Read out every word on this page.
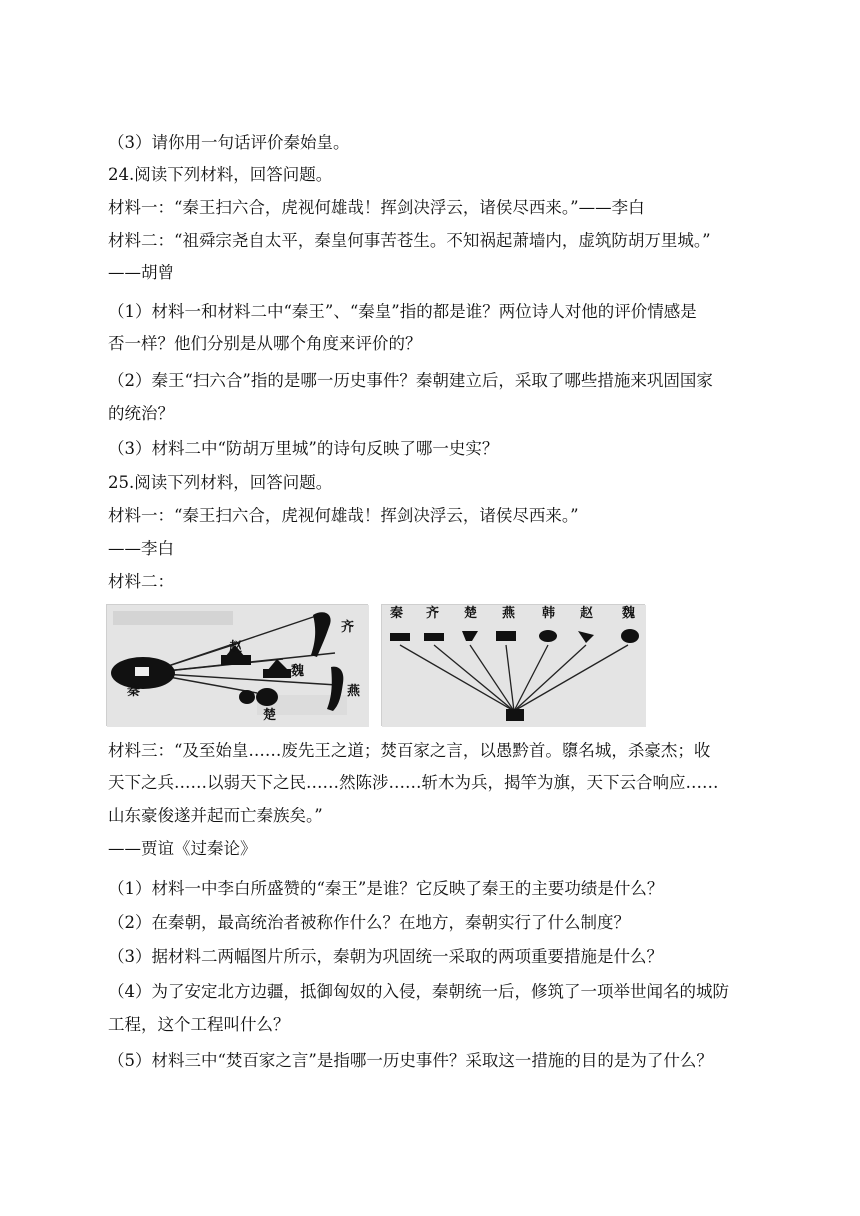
（3）请你用一句话评价秦始皇。
24.阅读下列材料，回答问题。
材料一：“秦王扫六合，虎视何雄哉！挥剑决浮云，诸侯尽西来。”——李白
材料二：“祖舜宗尧自太平，秦皇何事苦苍生。不知祸起萧墙内，虚筑防胡万里城。”
——胡曾
（1）材料一和材料二中“秦王”、“秦皇”指的都是谁？两位诗人对他的评价情感是
否一样？他们分别是从哪个角度来评价的？
（2）秦王“扫六合”指的是哪一历史事件？秦朝建立后，采取了哪些措施来巩固国家
的统治？
（3）材料二中“防胡万里城”的诗句反映了哪一史实？
25.阅读下列材料，回答问题。
材料一：“秦王扫六合，虎视何雄哉！挥剑决浮云，诸侯尽西来。”
——李白
材料二：
秦
赵
魏
齐
燕
楚
秦 齐 楚 燕 韩 赵 魏
材料三：“及至始皇……废先王之道；焚百家之言，以愚黔首。隳名城，杀豪杰；收
天下之兵……以弱天下之民……然陈涉……斩木为兵，揭竿为旗，天下云合响应……
山东豪俊遂并起而亡秦族矣。”
——贾谊《过秦论》
（1）材料一中李白所盛赞的“秦王”是谁？它反映了秦王的主要功绩是什么？
（2）在秦朝，最高统治者被称作什么？在地方，秦朝实行了什么制度？
（3）据材料二两幅图片所示，秦朝为巩固统一采取的两项重要措施是什么？
（4）为了安定北方边疆，抵御匈奴的入侵，秦朝统一后，修筑了一项举世闻名的城防
工程，这个工程叫什么？
（5）材料三中“焚百家之言”是指哪一历史事件？采取这一措施的目的是为了什么？
